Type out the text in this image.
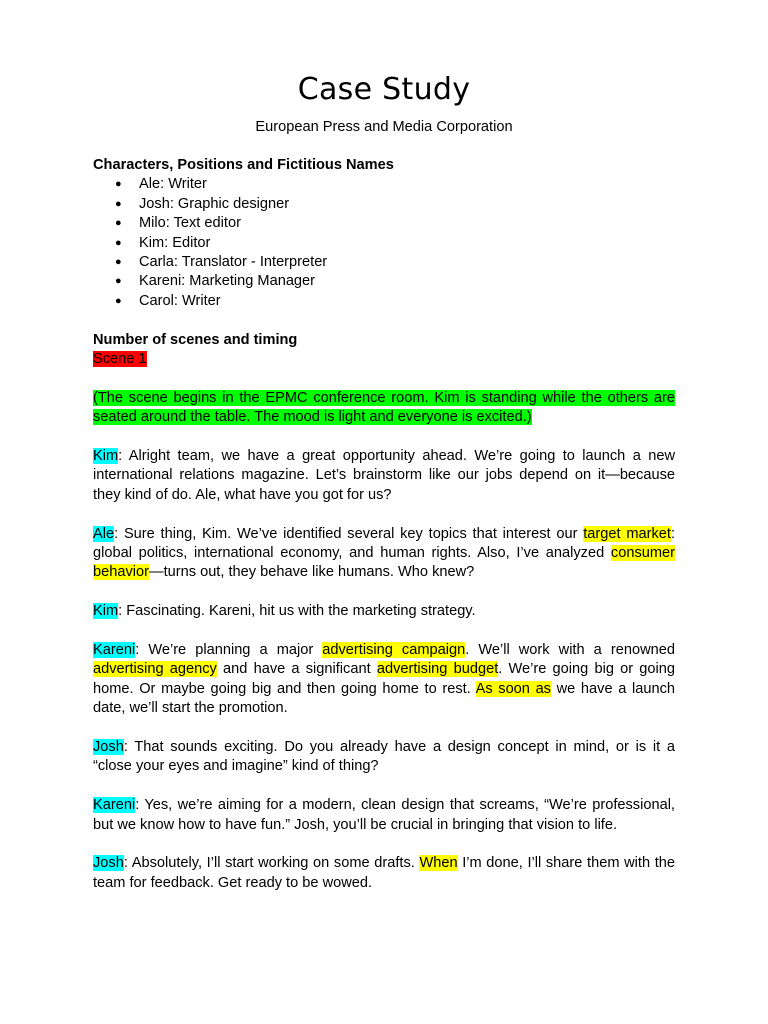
Case Study
European Press and Media Corporation

Characters, Positions and Fictitious Names

● Ale: Writer
● Josh: Graphic designer
● Milo: Text editor
● Kim: Editor
● Carla: Translator - Interpreter
● Kareni: Marketing Manager
● Carol: Writer

Number of scenes and timing

Scene 1

(The scene begins in the EPMC conference room. Kim is standing while the others are seated around the table. The mood is light and everyone is excited.)

Kim: Alright team, we have a great opportunity ahead. We’re going to launch a new international relations magazine. Let’s brainstorm like our jobs depend on it—because they kind of do. Ale, what have you got for us?

Ale: Sure thing, Kim. We’ve identified several key topics that interest our target market: global politics, international economy, and human rights. Also, I’ve analyzed consumer behavior—turns out, they behave like humans. Who knew?

Kim: Fascinating. Kareni, hit us with the marketing strategy.

Kareni: We’re planning a major advertising campaign. We’ll work with a renowned advertising agency and have a significant advertising budget. We’re going big or going home. Or maybe going big and then going home to rest. As soon as we have a launch date, we’ll start the promotion.

Josh: That sounds exciting. Do you already have a design concept in mind, or is it a “close your eyes and imagine” kind of thing?

Kareni: Yes, we’re aiming for a modern, clean design that screams, “We’re professional, but we know how to have fun.” Josh, you’ll be crucial in bringing that vision to life.

Josh: Absolutely, I’ll start working on some drafts. When I’m done, I’ll share them with the team for feedback. Get ready to be wowed.
